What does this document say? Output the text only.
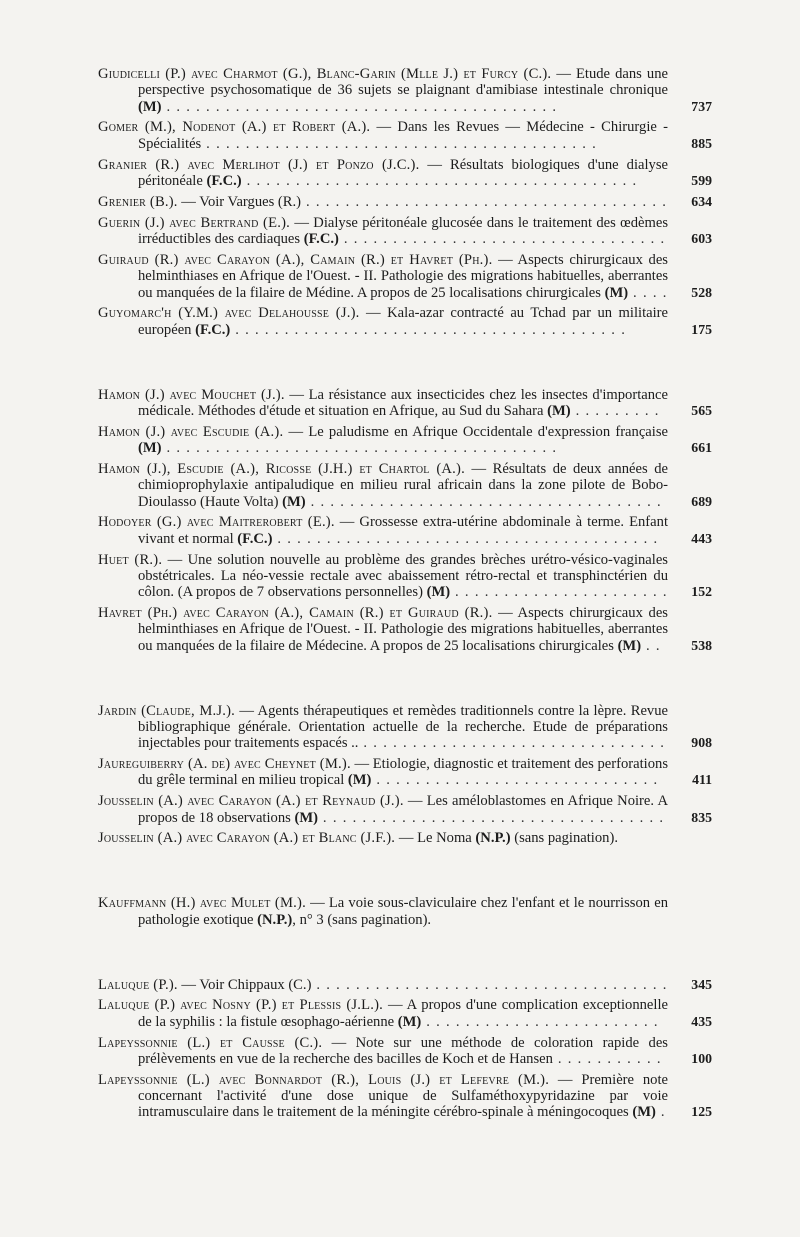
Giudicelli (P.) avec Charmot (G.), Blanc-Garin (Mlle J.) et Furcy (C.). — Etude dans une perspective psychosomatique de 36 sujets se plaignant d'amibiase intestinale chronique (M) . . . . . . . . . . . . . . . . . . . . . . . . . . . . . . . . . . . . . . . .	737
Gomer (M.), Nodenot (A.) et Robert (A.). — Dans les Revues — Médecine - Chirurgie - Spécialités . . . . . . . . . . . . . . . . . . . . . . . . . . . . . . . . . . . . . . . .	885
Granier (R.) avec Merlihot (J.) et Ponzo (J.C.). — Résultats biologiques d'une dialyse péritonéale (F.C.) . . . . . . . . . . . . . . . . . . . . . . . . . . . . . . . . . . . . . . . .	599
Grenier (B.). — Voir Vargues (R.) . . . . . . . . . . . . . . . . . . . . . . . . . . . . . . . . . . . . . 634
Guerin (J.) avec Bertrand (E.). — Dialyse péritonéale glucosée dans le traitement des œdèmes irréductibles des cardiaques (F.C.) . . . . . . . . . . . . . . . . . . . . . . . . . . . . . . . . . 603
Guiraud (R.) avec Carayon (A.), Camain (R.) et Havret (Ph.). — Aspects chirurgicaux des helminthiases en Afrique de l'Ouest. - II. Pathologie des migrations habituelles, aberrantes ou manquées de la filaire de Médine. A propos de 25 localisations chirurgicales (M) . . . . 528
Guyomarc'h (Y.M.) avec Delahousse (J.). — Kala-azar contracté au Tchad par un militaire européen (F.C.) . . . . . . . . . . . . . . . . . . . . . . . . . . . . . . . . . . . . . . . .	175
Hamon (J.) avec Mouchet (J.). — La résistance aux insecticides chez les insectes d'importance médicale. Méthodes d'étude et situation en Afrique, au Sud du Sahara (M) . . . . . . . . . 565
Hamon (J.) avec Escudie (A.). — Le paludisme en Afrique Occidentale d'expression française (M) . . . . . . . . . . . . . . . . . . . . . . . . . . . . . . . . . . . . . . . .	661
Hamon (J.), Escudie (A.), Ricosse (J.H.) et Chartol (A.). — Résultats de deux années de chimioprophylaxie antipaludique en milieu rural africain dans la zone pilote de Bobo-Dioulasso (Haute Volta) (M) . . . . . . . . . . . . . . . . . . . . . . . . . . . . . . . . . . . . 689
Hodoyer (G.) avec Maitrerobert (E.). — Grossesse extra-utérine abdominale à terme. Enfant vivant et normal (F.C.) . . . . . . . . . . . . . . . . . . . . . . . . . . . . . . . . . . . . . . . 443
Huet (R.). — Une solution nouvelle au problème des grandes brèches urétro-vésico-vaginales obstétricales. La néo-vessie rectale avec abaissement rétro-rectal et transphinctérien du côlon. (A propos de 7 observations personnelles) (M) . . . . . . . . . . . . . . . . . . . . . . 152
Havret (Ph.) avec Carayon (A.), Camain (R.) et Guiraud (R.). — Aspects chirurgicaux des helminthiases en Afrique de l'Ouest. - II. Pathologie des migrations habituelles, aberrantes ou manquées de la filaire de Médecine. A propos de 25 localisations chirurgicales (M) . . 538
Jardin (Claude, M.J.). — Agents thérapeutiques et remèdes traditionnels contre la lèpre. Revue bibliographique générale. Orientation actuelle de la recherche. Etude de préparations injectables pour traitements espacés .. . . . . . . . . . . . . . . . . . . . . . . . . . . . . . . . 908
Jaureguiberry (A. de) avec Cheynet (M.). — Etiologie, diagnostic et traitement des perforations du grêle terminal en milieu tropical (M) . . . . . . . . . . . . . . . . . . . . . . . . . . . . . 411
Jousselin (A.) avec Carayon (A.) et Reynaud (J.). — Les améloblastomes en Afrique Noire. A propos de 18 observations (M) . . . . . . . . . . . . . . . . . . . . . . . . . . . . . . . . . . . 835
Jousselin (A.) avec Carayon (A.) et Blanc (J.F.). — Le Noma (N.P.) (sans pagination).
Kauffmann (H.) avec Mulet (M.). — La voie sous-claviculaire chez l'enfant et le nourrisson en pathologie exotique (N.P.), n° 3 (sans pagination).
Laluque (P.). — Voir Chippaux (C.) . . . . . . . . . . . . . . . . . . . . . . . . . . . . . . . . . . . . 345
Laluque (P.) avec Nosny (P.) et Plessis (J.L.). — A propos d'une complication exceptionnelle de la syphilis : la fistule œsophago-aérienne (M) . . . . . . . . . . . . . . . . . . . . . . . . 435
Lapeyssonnie (L.) et Causse (C.). — Note sur une méthode de coloration rapide des prélèvements en vue de la recherche des bacilles de Koch et de Hansen . . . . . . . . . . . 100
Lapeyssonnie (L.) avec Bonnardot (R.), Louis (J.) et Lefevre (M.). — Première note concernant l'activité d'une dose unique de Sulfaméthoxypyridazine par voie intramusculaire dans le traitement de la méningite cérébro-spinale à méningocoques (M) . 125
